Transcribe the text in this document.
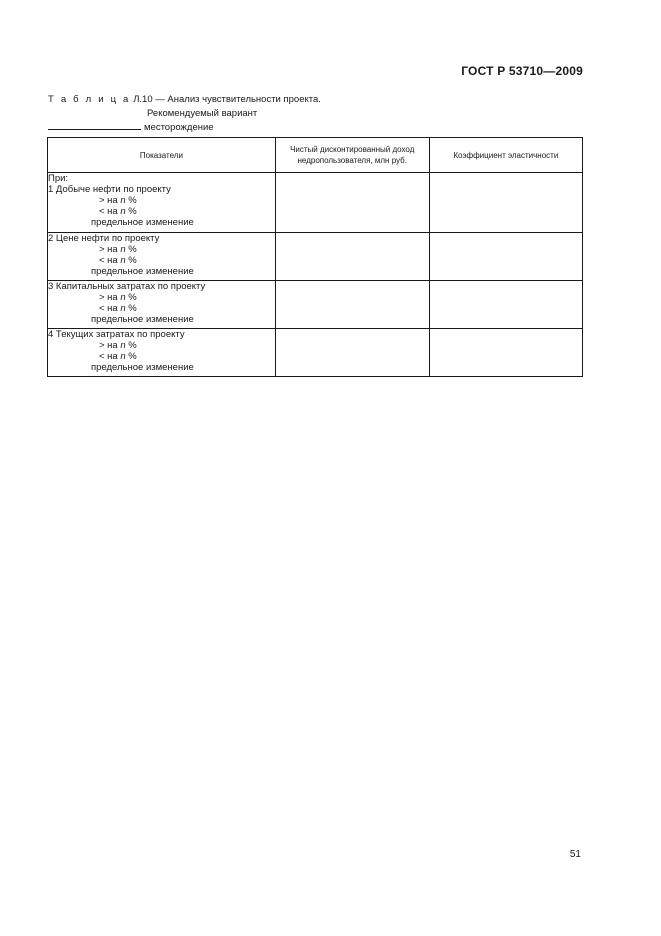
ГОСТ Р 53710—2009
Т а б л и ц а Л.10 — Анализ чувствительности проекта.
Рекомендуемый вариант
месторождение
Показатели	Чистый дисконтированный доход недропользователя, млн руб.	Коэффициент эластичности

При:
1 Добыче нефти по проекту
> на n %
< на n %
предельное изменение		

2 Цене нефти по проекту
> на n %
< на n %
предельное изменение		

3 Капитальных затратах по проекту
> на n %
< на n %
предельное изменение		

4 Текущих затратах по проекту
> на n %
< на n %
предельное изменение		

51
